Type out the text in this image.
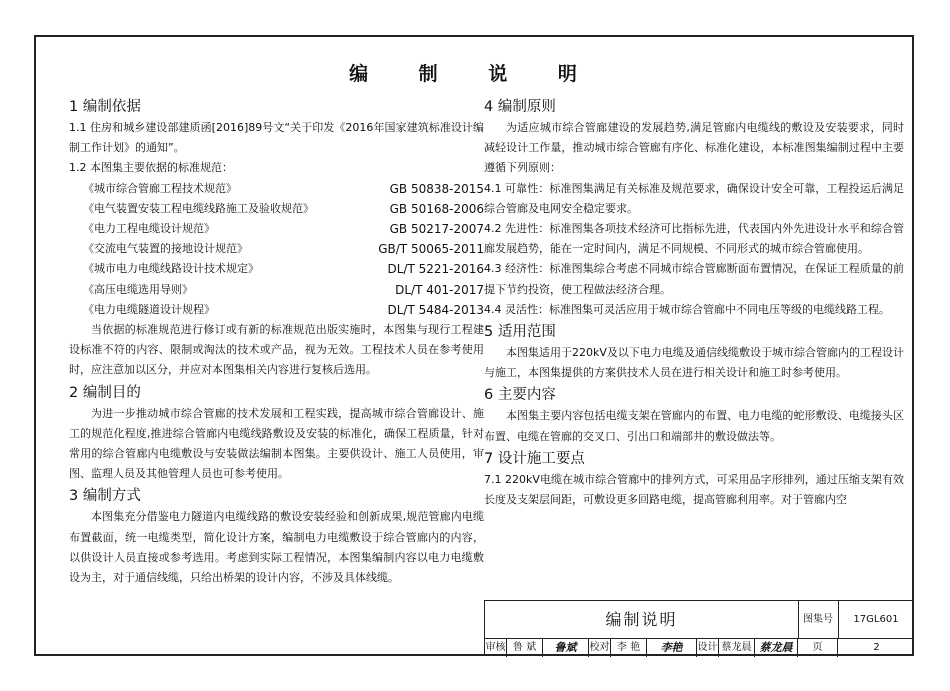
编 制 说 明
1 编制依据
1.1 住房和城乡建设部建质函[2016]89号文“关于印发《2016年国家建筑标准设计编制工作计划》的通知”。
1.2 本图集主要依据的标准规范：
《城市综合管廊工程技术规范》	GB 50838-2015
《电气装置安装工程电缆线路施工及验收规范》	GB 50168-2006
《电力工程电缆设计规范》	GB 50217-2007
《交流电气装置的接地设计规范》	GB/T 50065-2011
《城市电力电缆线路设计技术规定》	DL/T 5221-2016
《高压电缆选用导则》	DL/T 401-2017
《电力电缆隧道设计规程》	DL/T 5484-2013
当依据的标准规范进行修订或有新的标准规范出版实施时，本图集与现行工程建设标准不符的内容、限制或淘汰的技术或产品，视为无效。工程技术人员在参考使用时，应注意加以区分，并应对本图集相关内容进行复核后选用。
2 编制目的
为进一步推动城市综合管廊的技术发展和工程实践，提高城市综合管廊设计、施工的规范化程度,推进综合管廊内电缆线路敷设及安装的标准化，确保工程质量，针对常用的综合管廊内电缆敷设与安装做法编制本图集。主要供设计、施工人员使用，审图、监理人员及其他管理人员也可参考使用。
3 编制方式
本图集充分借鉴电力隧道内电缆线路的敷设安装经验和创新成果,规范管廊内电缆布置截面，统一电缆类型，简化设计方案，编制电力电缆敷设于综合管廊内的内容，以供设计人员直接或参考选用。考虑到实际工程情况，本图集编制内容以电力电缆敷设为主，对于通信线缆，只给出桥架的设计内容，不涉及具体线缆。
4 编制原则
为适应城市综合管廊建设的发展趋势,满足管廊内电缆线的敷设及安装要求，同时减轻设计工作量，推动城市综合管廊有序化、标准化建设，本标准图集编制过程中主要遵循下列原则：
4.1 可靠性：标准图集满足有关标准及规范要求，确保设计安全可靠，工程投运后满足综合管廊及电网安全稳定要求。
4.2 先进性：标准图集各项技术经济可比指标先进，代表国内外先进设计水平和综合管廊发展趋势，能在一定时间内，满足不同规模、不同形式的城市综合管廊使用。
4.3 经济性：标准图集综合考虑不同城市综合管廊断面布置情况，在保证工程质量的前提下节约投资，使工程做法经济合理。
4.4 灵活性：标准图集可灵活应用于城市综合管廊中不同电压等级的电缆线路工程。
5 适用范围
本图集适用于220kV及以下电力电缆及通信线缆敷设于城市综合管廊内的工程设计与施工，本图集提供的方案供技术人员在进行相关设计和施工时参考使用。
6 主要内容
本图集主要内容包括电缆支架在管廊内的布置、电力电缆的蛇形敷设、电缆接头区布置、电缆在管廊的交叉口、引出口和端部井的敷设做法等。
7 设计施工要点
7.1 220kV电缆在城市综合管廊中的排列方式，可采用品字形排列，通过压缩支架有效长度及支架层间距，可敷设更多回路电缆，提高管廊利用率。对于管廊内空
编制说明	图集号	17GL601
审核 鲁 斌	鲁斌	校对 李 艳	李艳	设计 蔡龙晨 蔡龙晨	页	2
